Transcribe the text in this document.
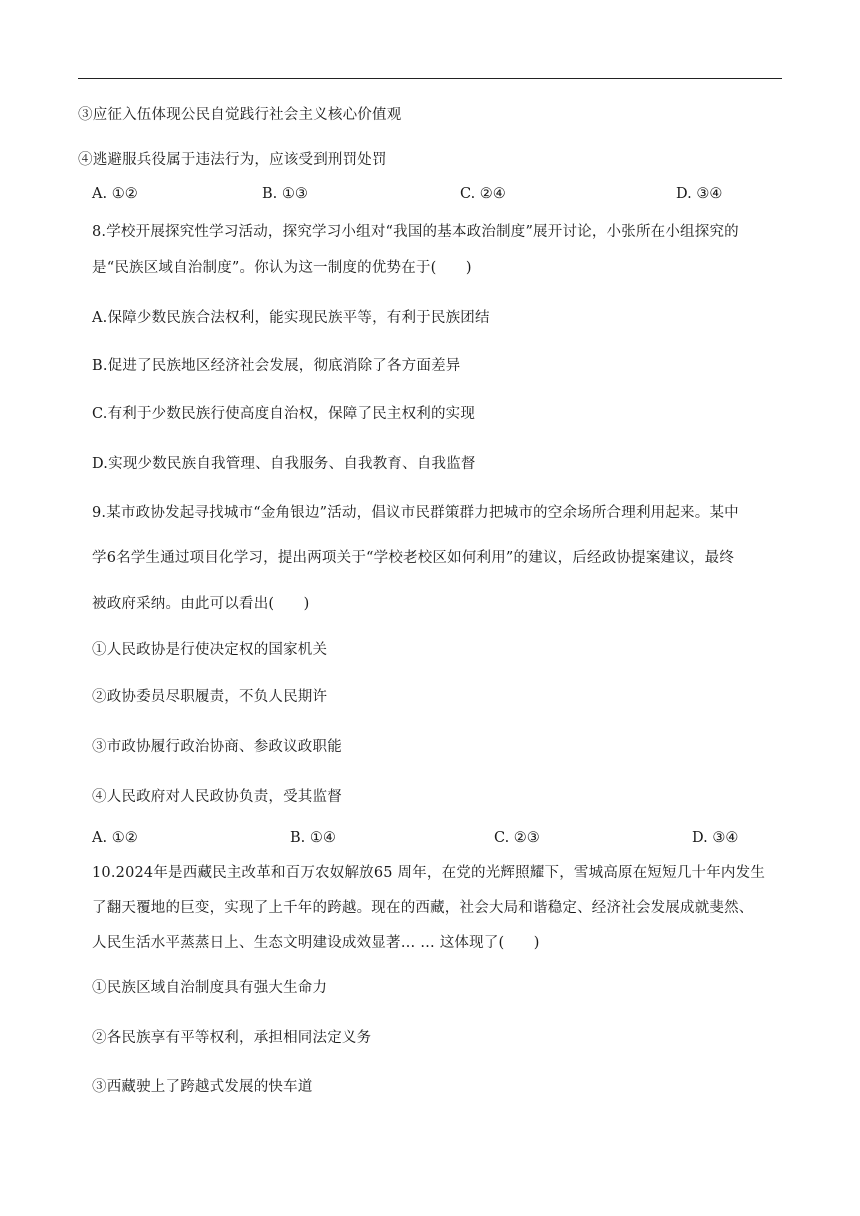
③应征入伍体现公民自觉践行社会主义核心价值观
④逃避服兵役属于违法行为，应该受到刑罚处罚
A. ①②	B. ①③	C. ②④	D. ③④
8.学校开展探究性学习活动，探究学习小组对“我国的基本政治制度”展开讨论，小张所在小组探究的
是“民族区域自治制度”。你认为这一制度的优势在于(　　)
A.保障少数民族合法权利，能实现民族平等，有利于民族团结
B.促进了民族地区经济社会发展，彻底消除了各方面差异
C.有利于少数民族行使高度自治权，保障了民主权利的实现
D.实现少数民族自我管理、自我服务、自我教育、自我监督
9.某市政协发起寻找城市“金角银边”活动，倡议市民群策群力把城市的空余场所合理利用起来。某中
学6名学生通过项目化学习，提出两项关于“学校老校区如何利用”的建议，后经政协提案建议，最终
被政府采纳。由此可以看出(　　)
①人民政协是行使决定权的国家机关
②政协委员尽职履责，不负人民期许
③市政协履行政治协商、参政议政职能
④人民政府对人民政协负责，受其监督
A. ①②	B. ①④	C. ②③	D. ③④
10.2024年是西藏民主改革和百万农奴解放65 周年，在党的光辉照耀下，雪城高原在短短几十年内发生
了翻天覆地的巨变，实现了上千年的跨越。现在的西藏，社会大局和谐稳定、经济社会发展成就斐然、
人民生活水平蒸蒸日上、生态文明建设成效显著… … 这体现了(　　)
①民族区域自治制度具有强大生命力
②各民族享有平等权利，承担相同法定义务
③西藏驶上了跨越式发展的快车道
